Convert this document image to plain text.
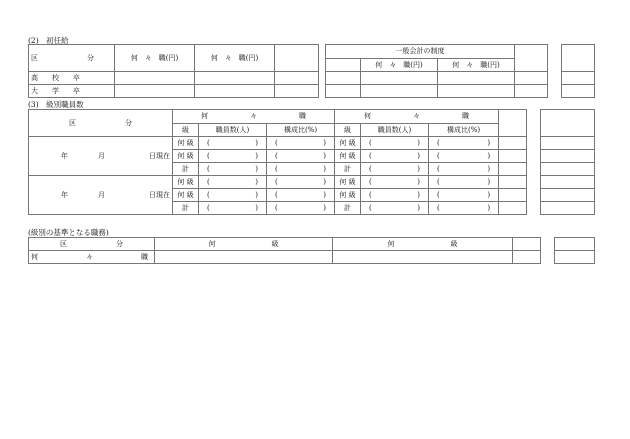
(2)　初任給
区　　　　　　　分	何　々　職(円)	何　々　職(円)			一般会計の制度					
						何　々　職(円)	何　々　職(円)			
高　　校　　卒										
大　　学　　卒										
(3)　級別職員数
区　　　　　　　分	何　　　　　　々　　　　　　職			何　　　　　　々　　　　　　職					
	級	職員数(人)	構成比(%)	級	職員数(人)	構成比(%)			

年 月 日現在	何 級	( )	( )	何 級	( )	( )			

	何 級	( )	( )	何 級	( )	( )			

	計	( )	( )	計	( )	( )			

年 月 日現在	何 級	( )	( )	何 級	( )	( )			

	何 級	( )	( )	何 級	( )	( )			

	計	( )	( )	計	( )	( )			

(級別の基準となる職務)
区　　　　　　　分	何　　　　　　　　級	何　　　　　　　　級			

何 々 職					
